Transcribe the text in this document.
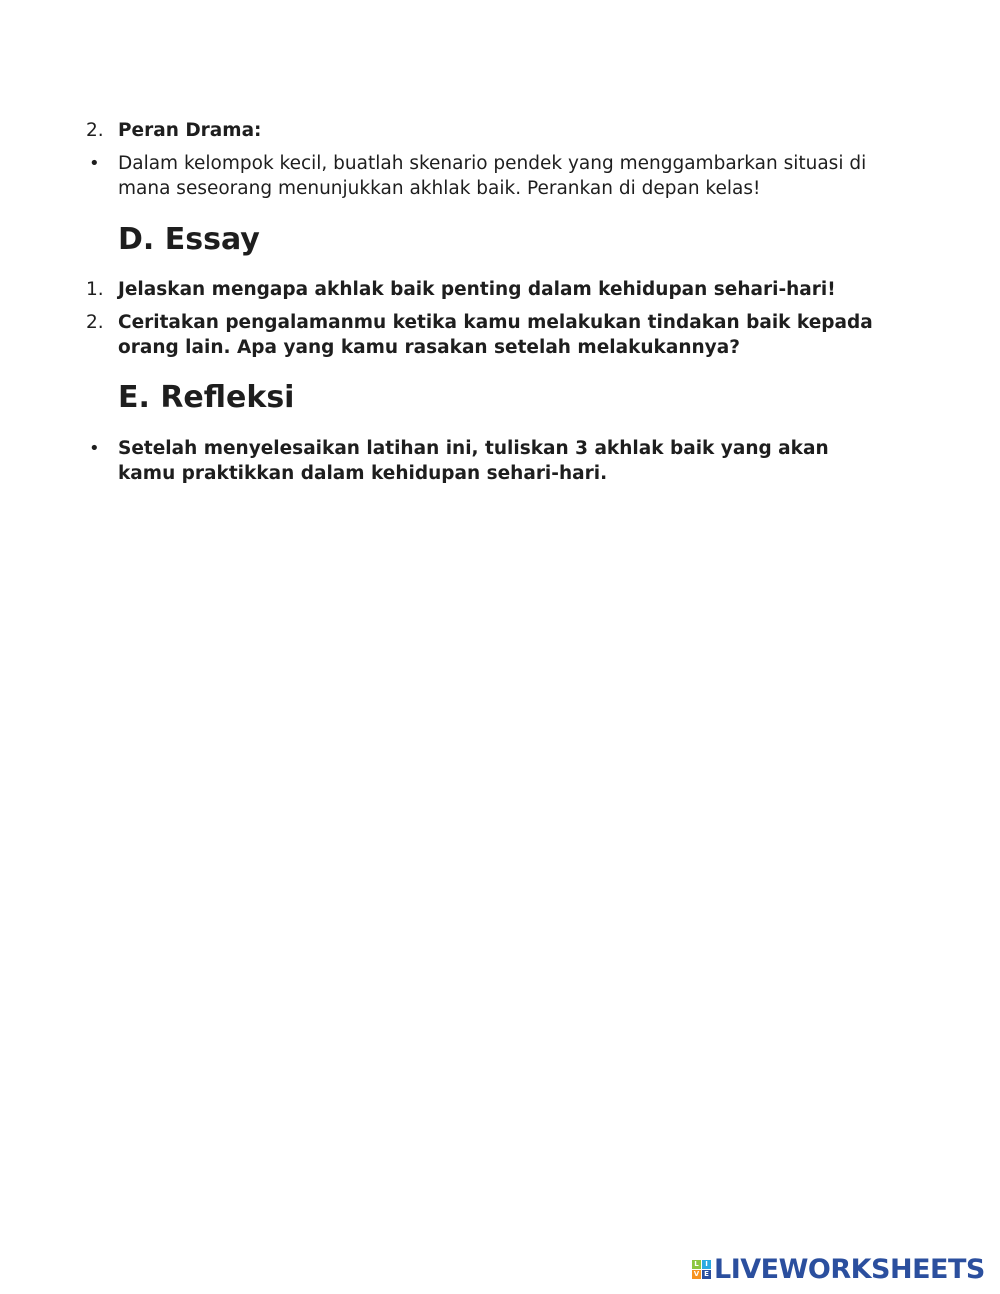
2. Peran Drama:
• Dalam kelompok kecil, buatlah skenario pendek yang menggambarkan situasi di mana seseorang menunjukkan akhlak baik. Perankan di depan kelas!
D. Essay
1. Jelaskan mengapa akhlak baik penting dalam kehidupan sehari-hari!
2. Ceritakan pengalamanmu ketika kamu melakukan tindakan baik kepada orang lain. Apa yang kamu rasakan setelah melakukannya?
E. Refleksi
• Setelah menyelesaikan latihan ini, tuliskan 3 akhlak baik yang akan kamu praktikkan dalam kehidupan sehari-hari.
L I
V E LIVEWORKSHEETS
